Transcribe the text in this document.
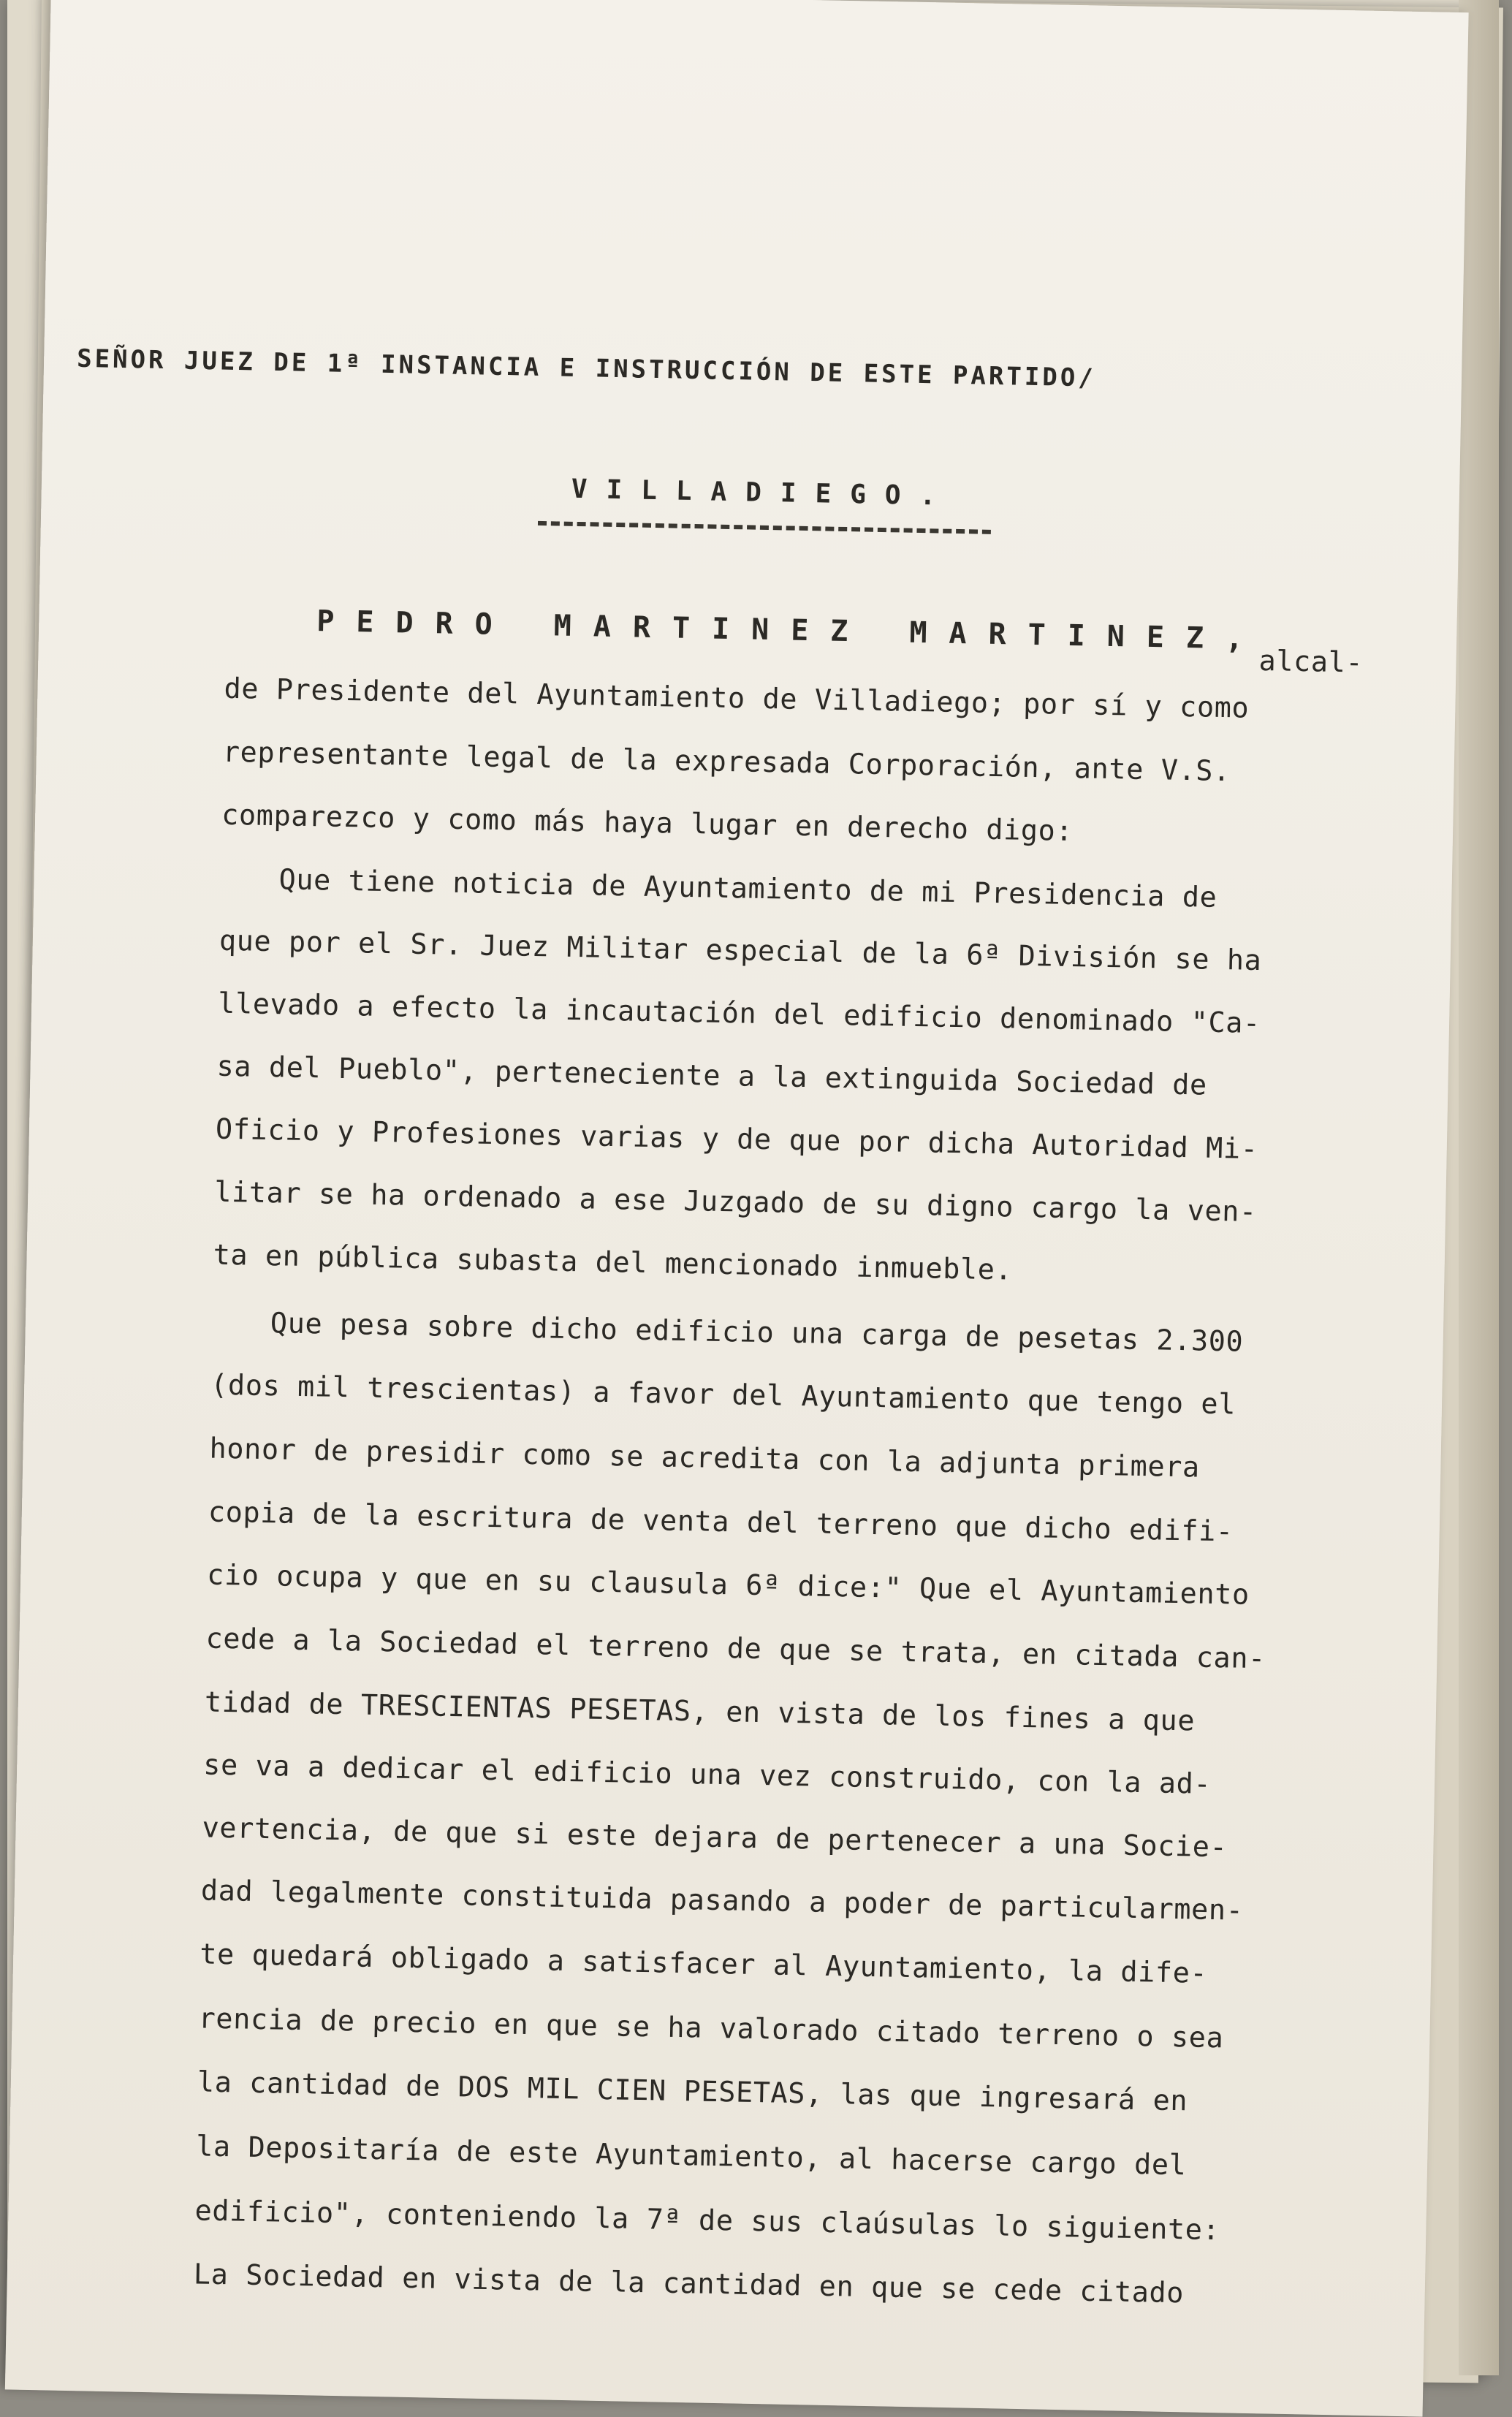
SEÑOR JUEZ DE 1ª INSTANCIA E INSTRUCCIÓN DE ESTE PARTIDO/
VILLADIEGO.
PEDRO MARTINEZ MARTINEZ,
alcal-
de Presidente del Ayuntamiento de Villadiego; por sí y como
representante legal de la expresada Corporación, ante V.S.
comparezco y como más haya lugar en derecho digo:
Que tiene noticia de Ayuntamiento de mi Presidencia de
que por el Sr. Juez Militar especial de la 6ª División se ha
llevado a efecto la incautación del edificio denominado "Ca-
sa del Pueblo", perteneciente a la extinguida Sociedad de
Oficio y Profesiones varias y de que por dicha Autoridad Mi-
litar se ha ordenado a ese Juzgado de su digno cargo la ven-
ta en pública subasta del mencionado inmueble.
Que pesa sobre dicho edificio una carga de pesetas 2.300
(dos mil trescientas) a favor del Ayuntamiento que tengo el
honor de presidir como se acredita con la adjunta primera
copia de la escritura de venta del terreno que dicho edifi-
cio ocupa y que en su clausula 6ª dice:" Que el Ayuntamiento
cede a la Sociedad el terreno de que se trata, en citada can-
tidad de TRESCIENTAS PESETAS, en vista de los fines a que
se va a dedicar el edificio una vez construido, con la ad-
vertencia, de que si este dejara de pertenecer a una Socie-
dad legalmente constituida pasando a poder de particularmen-
te quedará obligado a satisfacer al Ayuntamiento, la dife-
rencia de precio en que se ha valorado citado terreno o sea
la cantidad de DOS MIL CIEN PESETAS, las que ingresará en
la Depositaría de este Ayuntamiento, al hacerse cargo del
edificio", conteniendo la 7ª de sus claúsulas lo siguiente:
La Sociedad en vista de la cantidad en que se cede citado
